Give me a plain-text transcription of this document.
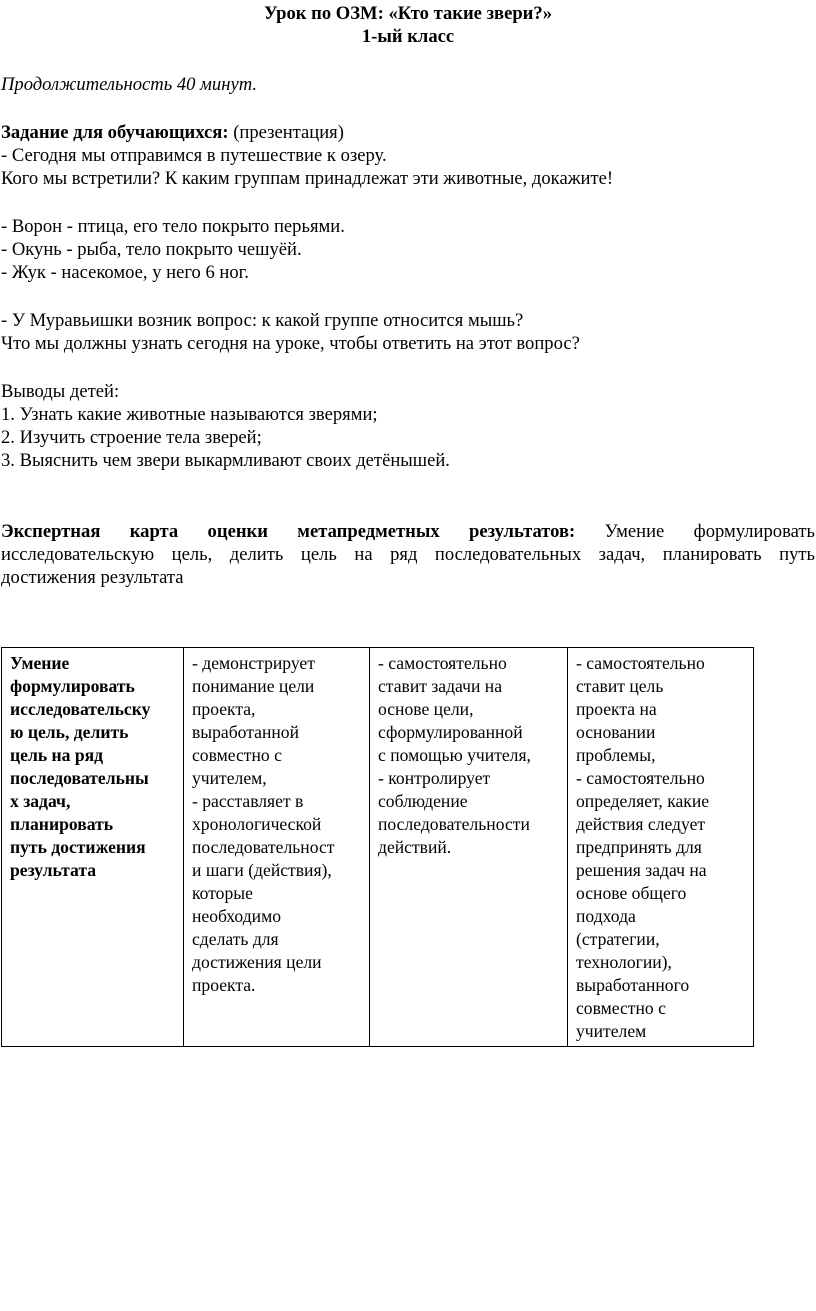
Урок по ОЗМ: «Кто такие звери?»
1-ый класс
Продолжительность 40 минут.
Задание для обучающихся: (презентация)
- Сегодня мы отправимся в путешествие к озеру.
Кого мы встретили? К каким группам принадлежат эти животные, докажите!
- Ворон - птица, его тело покрыто перьями.
- Окунь - рыба, тело покрыто чешуёй.
- Жук - насекомое, у него 6 ног.
- У Муравьишки возник вопрос: к какой группе относится мышь?
Что мы должны узнать сегодня на уроке, чтобы ответить на этот вопрос?
Выводы детей:
1. Узнать какие животные называются зверями;
2. Изучить строение тела зверей;
3. Выяснить чем звери выкармливают своих детёнышей.
Экспертная карта оценки метапредметных результатов: Умение формулировать
исследовательскую цель, делить цель на ряд последовательных задач, планировать путь
достижения результата
Умение
формулировать
исследовательску
ю цель, делить
цель на ряд
последовательны
х задач,
планировать
путь достижения
результата

- демонстрирует
понимание цели
проекта,
выработанной
совместно с
учителем,
- расставляет в
хронологической
последовательност
и шаги (действия),
которые
необходимо
сделать для
достижения цели
проекта.

- самостоятельно
ставит задачи на
основе цели,
сформулированной
с помощью учителя,
- контролирует
соблюдение
последовательности
действий.

- самостоятельно
ставит цель
проекта на
основании
проблемы,
- самостоятельно
определяет, какие
действия следует
предпринять для
решения задач на
основе общего
подхода
(стратегии,
технологии),
выработанного
совместно с
учителем
